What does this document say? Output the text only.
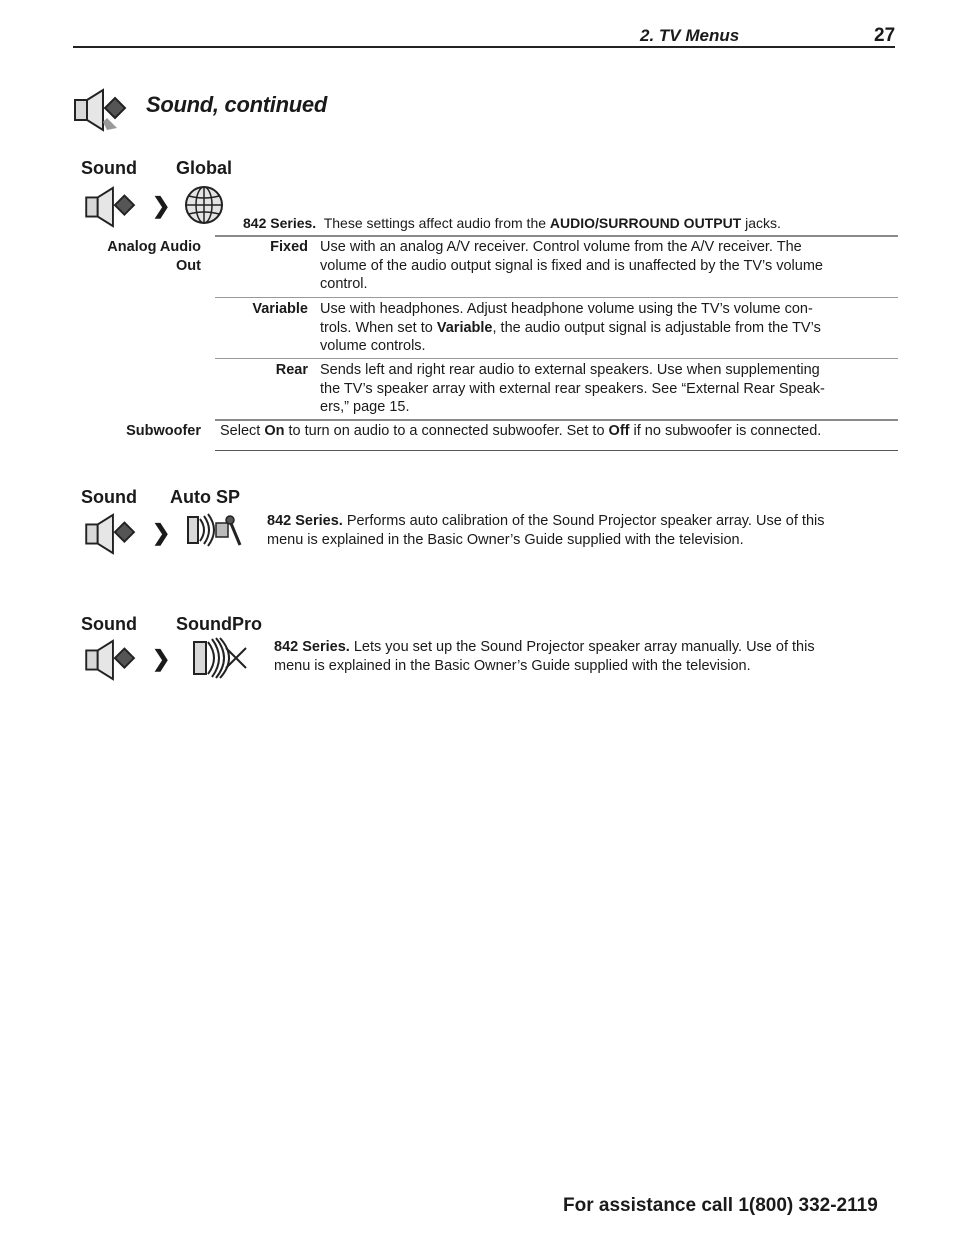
2. TV Menus	27
Sound, continued
Sound Global
❯
842 Series. These settings affect audio from the AUDIO/SURROUND OUTPUT jacks.
Analog Audio
Out
Fixed Use with an analog A/V receiver. Control volume from the A/V receiver. The
volume of the audio output signal is fixed and is unaffected by the TV’s volume
control.
Variable Use with headphones. Adjust headphone volume using the TV’s volume con-
trols. When set to Variable, the audio output signal is adjustable from the TV’s
volume controls.
Rear Sends left and right rear audio to external speakers. Use when supplementing
the TV’s speaker array with external rear speakers. See “External Rear Speak-
ers,” page 15.
Subwoofer Select On to turn on audio to a connected subwoofer. Set to Off if no subwoofer is connected.
Sound Auto SP
❯	842 Series. Performs auto calibration of the Sound Projector speaker array. Use of this
menu is explained in the Basic Owner’s Guide supplied with the television.
Sound SoundPro
❯	842 Series. Lets you set up the Sound Projector speaker array manually. Use of this
menu is explained in the Basic Owner’s Guide supplied with the television.
For assistance call 1(800) 332-2119
